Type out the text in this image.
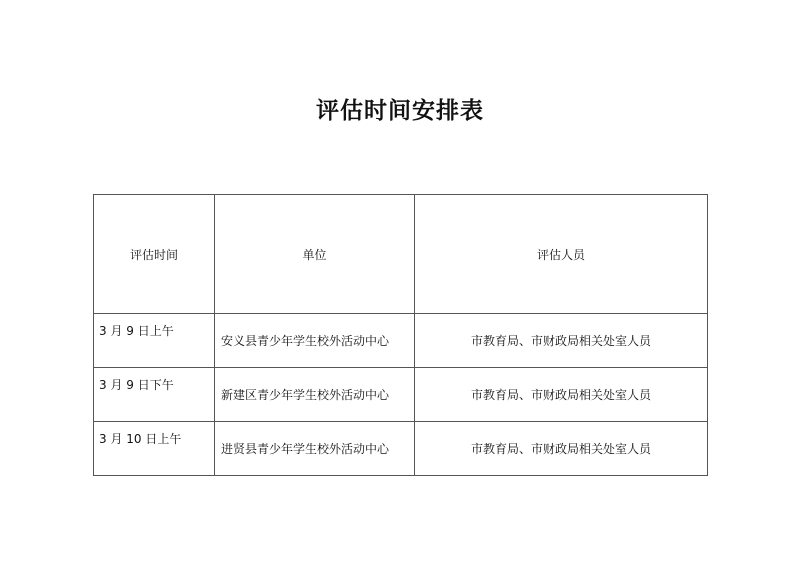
评估时间安排表
评估时间	单位	评估人员
3 月 9 日上午	安义县青少年学生校外活动中心	市教育局、市财政局相关处室人员
3 月 9 日下午	新建区青少年学生校外活动中心	市教育局、市财政局相关处室人员
3 月 10 日上午	进贤县青少年学生校外活动中心	市教育局、市财政局相关处室人员
